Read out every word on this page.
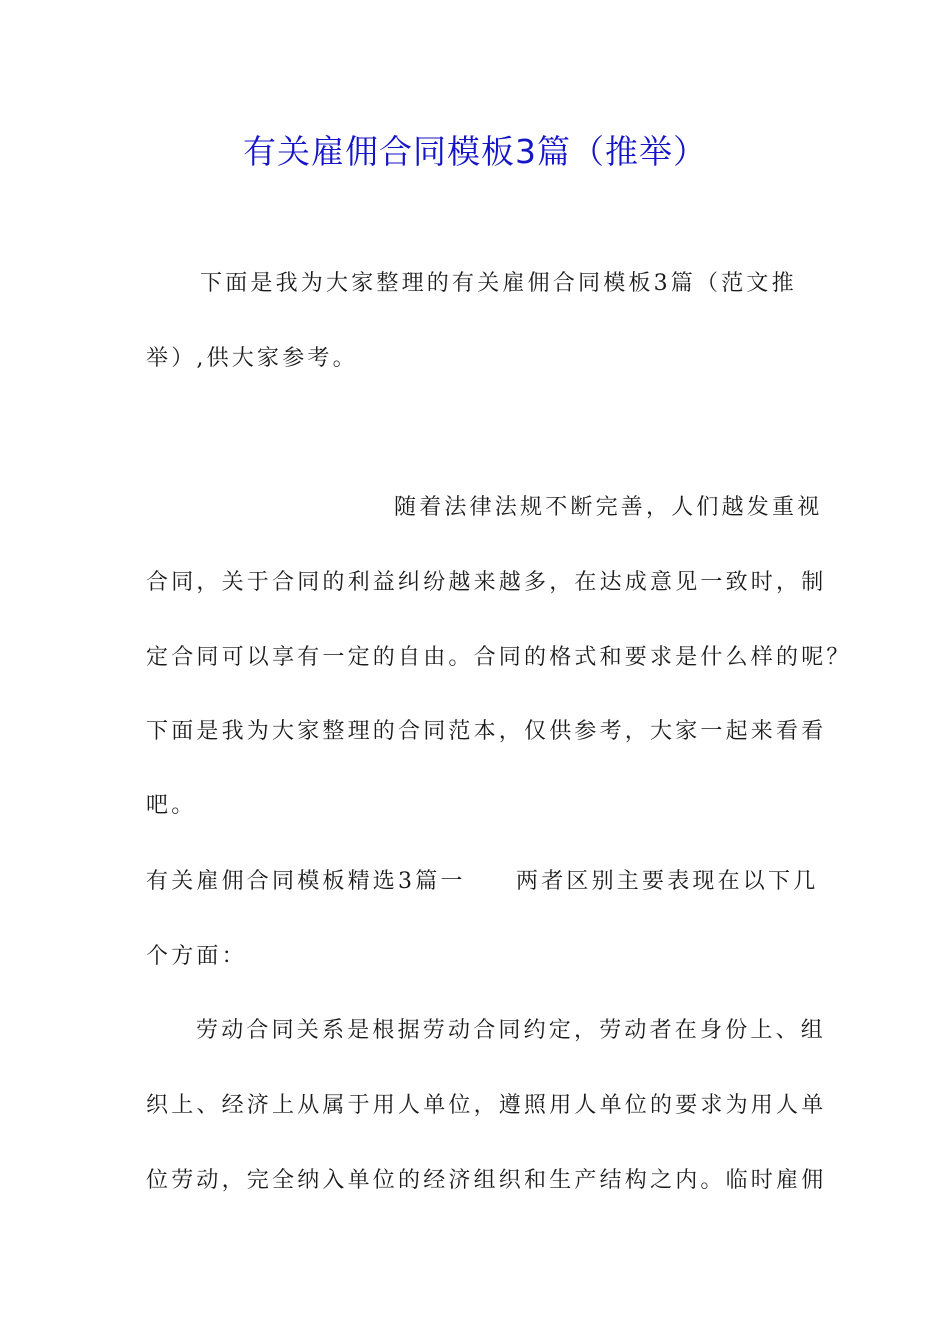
有关雇佣合同模板3篇（推举）

下面是我为大家整理的有关雇佣合同模板3篇（范文推

举）,供大家参考。

随着法律法规不断完善，人们越发重视

合同，关于合同的利益纠纷越来越多，在达成意见一致时，制

定合同可以享有一定的自由。合同的格式和要求是什么样的呢？

下面是我为大家整理的合同范本，仅供参考，大家一起来看看

吧。

有关雇佣合同模板精选3篇一　　两者区别主要表现在以下几

个方面：

劳动合同关系是根据劳动合同约定，劳动者在身份上、组

织上、经济上从属于用人单位，遵照用人单位的要求为用人单

位劳动，完全纳入单位的经济组织和生产结构之内。临时雇佣
